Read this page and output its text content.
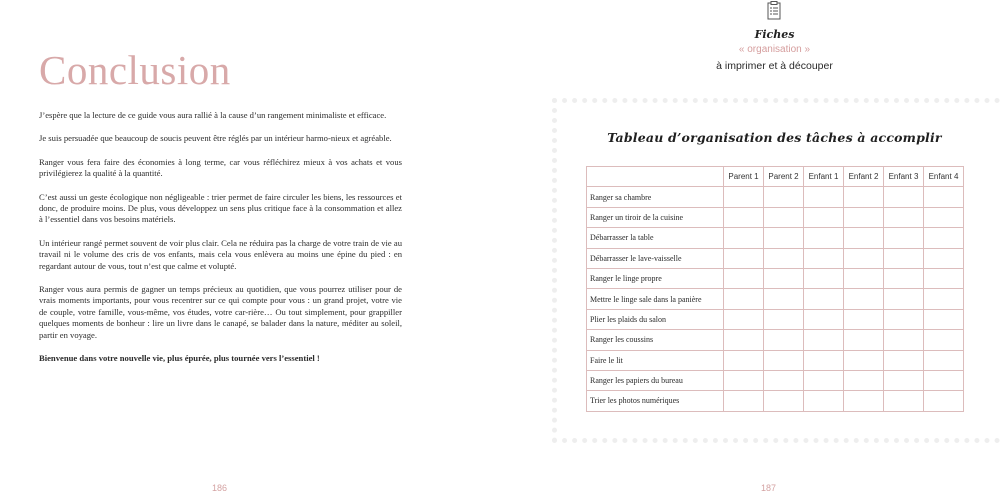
Conclusion

J’espère que la lecture de ce guide vous aura rallié à la cause d’un rangement minimaliste et efficace.

Je suis persuadée que beaucoup de soucis peuvent être réglés par un intérieur harmo-nieux et agréable.

Ranger vous fera faire des économies à long terme, car vous réfléchirez mieux à vos achats et vous privilégierez la qualité à la quantité.

C’est aussi un geste écologique non négligeable : trier permet de faire circuler les biens, les ressources et donc, de produire moins. De plus, vous développez un sens plus critique face à la consommation et allez à l’essentiel dans vos besoins matériels.

Un intérieur rangé permet souvent de voir plus clair. Cela ne réduira pas la charge de votre train de vie au travail ni le volume des cris de vos enfants, mais cela vous enlèvera au moins une épine du pied : en regardant autour de vous, tout n’est que calme et volupté.

Ranger vous aura permis de gagner un temps précieux au quotidien, que vous pourrez utiliser pour de vrais moments importants, pour vous recentrer sur ce qui compte pour vous : un grand projet, votre vie de couple, votre famille, vous-même, vos études, votre car-rière… Ou tout simplement, pour grappiller quelques moments de bonheur : lire un livre dans le canapé, se balader dans la nature, méditer au soleil, partir en voyage.

Bienvenue dans votre nouvelle vie, plus épurée, plus tournée vers l’essentiel !

186
Fiches
« organisation »
à imprimer et à découper
Tableau d’organisation des tâches à accomplir
	Parent 1	Parent 2	Enfant 1	Enfant 2	Enfant 3	Enfant 4
Ranger sa chambre						
Ranger un tiroir de la cuisine						
Débarrasser la table						
Débarrasser le lave-vaisselle						
Ranger le linge propre						
Mettre le linge sale dans la panière						
Plier les plaids du salon						
Ranger les coussins						
Faire le lit						
Ranger les papiers du bureau						
Trier les photos numériques						
187
